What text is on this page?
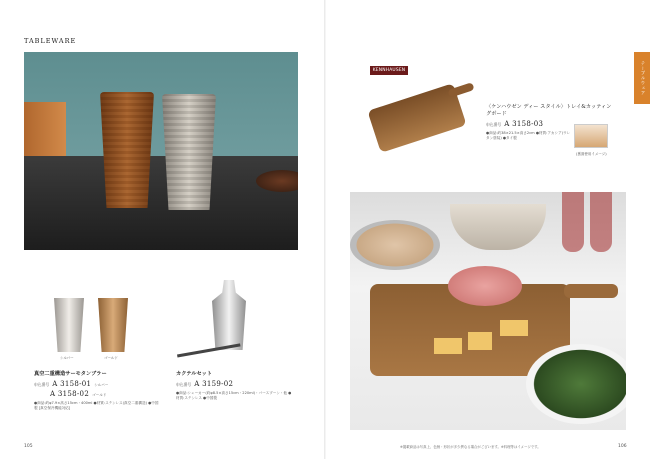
TABLEWARE
シルバー	ゴールド
真空二重構造サーモタンブラー
申込番号 A 3158-01 シルバー
A 3158-02 ゴールド
●商品:約φ7.9×高さ15cm・400ml ●材質:ステンレス(真空二重構造) ●中国製 [真空保冷機能対応]
カクテルセット
申込番号 A 3159-02
●商品:シェーカー(約φ8.5×高さ15cm・220ml)・バースプーン・他 ●材質:ステンレス ●中国製
105
KENNHAUSEN
〈ケンハウゼン ディー スタイル〉トレイ&カッティングボード
申込番号 A 3158-03
●商品:約38×21.5×高さ2cm ●材質:アカシア(ウレタン塗装) ●タイ製
(裏面使用イメージ)
テーブルウェア
※掲載商品は写真上、色柄・形状が多少異なる場合がございます。※料理等はイメージです。	106
